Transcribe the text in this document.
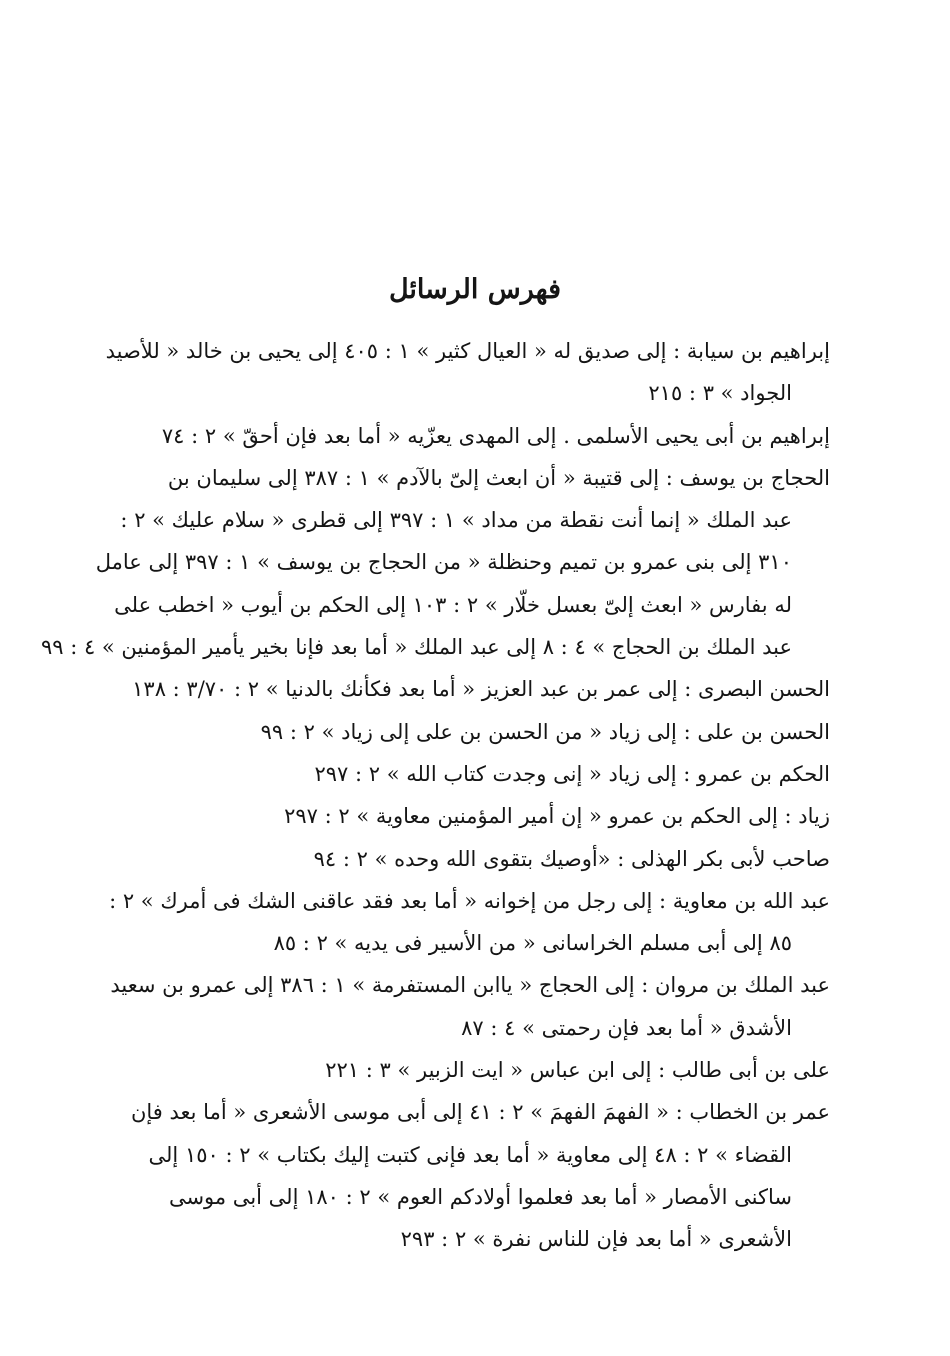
فهرس الرسائل
إبراهيم بن سيابة : إلى صديق له « العيال كثير » ١ : ٤٠٥ إلى يحيى بن خالد « للأصيد
الجواد » ٣ : ٢١٥
إبراهيم بن أبى يحيى الأسلمى . إلى المهدى يعزّيه « أما بعد فإن أحقّ » ٢ : ٧٤
الحجاج بن يوسف : إلى قتيبة « أن ابعث إلىّ بالآدم » ١ : ٣٨٧ إلى سليمان بن
عبد الملك « إنما أنت نقطة من مداد » ١ : ٣٩٧ إلى قطرى « سلام عليك » ٢ :
٣١٠ إلى بنى عمرو بن تميم وحنظلة « من الحجاج بن يوسف » ١ : ٣٩٧ إلى عامل
له بفارس « ابعث إلىّ بعسل خلّار » ٢ : ١٠٣ إلى الحكم بن أيوب « اخطب على
عبد الملك بن الحجاج » ٤ : ٨ إلى عبد الملك « أما بعد فإنا بخير يأمير المؤمنين » ٤ : ٩٩
الحسن البصرى : إلى عمر بن عبد العزيز « أما بعد فكأنك بالدنيا » ٢ : ٣/٧٠ : ١٣٨
الحسن بن على : إلى زياد « من الحسن بن على إلى زياد » ٢ : ٩٩
الحكم بن عمرو : إلى زياد « إنى وجدت كتاب الله » ٢ : ٢٩٧
زياد : إلى الحكم بن عمرو « إن أمير المؤمنين معاوية » ٢ : ٢٩٧
صاحب لأبى بكر الهذلى : «أوصيك بتقوى الله وحده » ٢ : ٩٤
عبد الله بن معاوية : إلى رجل من إخوانه « أما بعد فقد عاقنى الشك فى أمرك » ٢ :
٨٥ إلى أبى مسلم الخراسانى « من الأسير فى يديه » ٢ : ٨٥
عبد الملك بن مروان : إلى الحجاج « ياابن المستفرمة » ١ : ٣٨٦ إلى عمرو بن سعيد
الأشدق « أما بعد فإن رحمتى » ٤ : ٨٧
على بن أبى طالب : إلى ابن عباس « ايت الزبير » ٣ : ٢٢١
عمر بن الخطاب : « الفهمَ الفهمَ » ٢ : ٤١ إلى أبى موسى الأشعرى « أما بعد فإن
القضاء » ٢ : ٤٨ إلى معاوية « أما بعد فإنى كتبت إليك بكتاب » ٢ : ١٥٠ إلى
ساكنى الأمصار « أما بعد فعلموا أولادكم العوم » ٢ : ١٨٠ إلى أبى موسى
الأشعرى « أما بعد فإن للناس نفرة » ٢ : ٢٩٣
